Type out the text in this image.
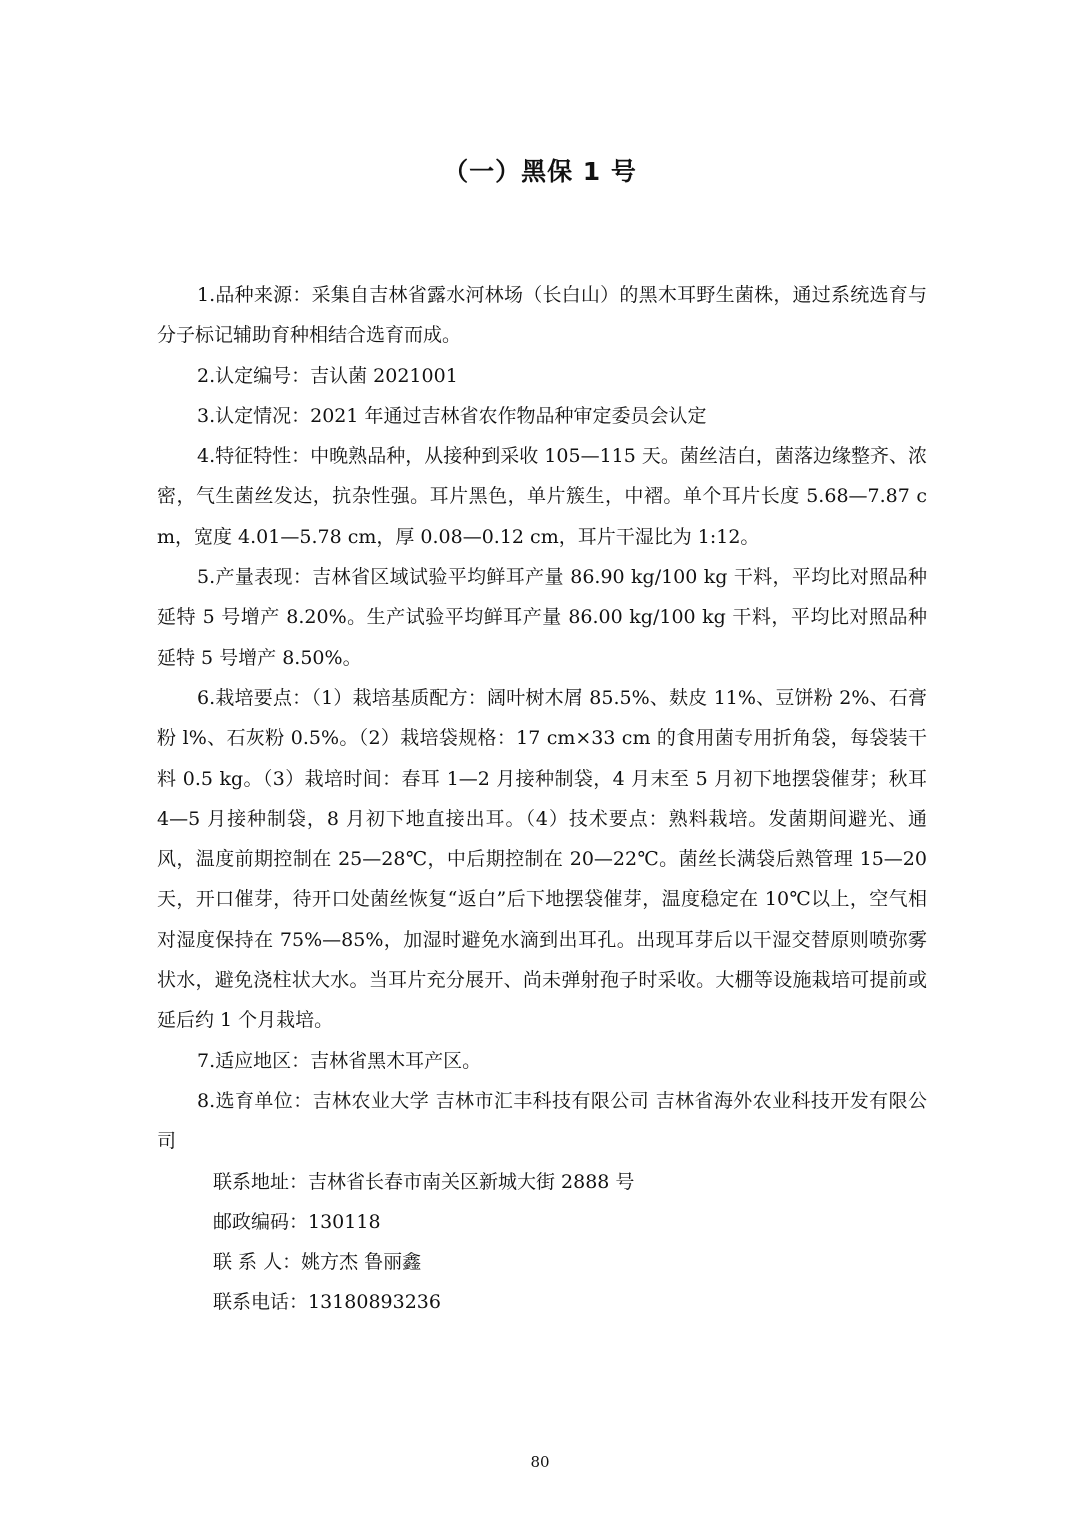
（一）黑保 1 号

1.品种来源：采集自吉林省露水河林场（长白山）的黑木耳野生菌株，通过系统选育与分子标记辅助育种相结合选育而成。

2.认定编号：吉认菌 2021001

3.认定情况：2021 年通过吉林省农作物品种审定委员会认定

4.特征特性：中晚熟品种，从接种到采收 105—115 天。菌丝洁白，菌落边缘整齐、浓密，气生菌丝发达，抗杂性强。耳片黑色，单片簇生，中褶。单个耳片长度 5.68—7.87 cm，宽度 4.01—5.78 cm，厚 0.08—0.12 cm，耳片干湿比为 1:12。

5.产量表现：吉林省区域试验平均鲜耳产量 86.90 kg/100 kg 干料，平均比对照品种延特 5 号增产 8.20%。生产试验平均鲜耳产量 86.00 kg/100 kg 干料，平均比对照品种延特 5 号增产 8.50%。

6.栽培要点：（1）栽培基质配方：阔叶树木屑 85.5%、麸皮 11%、豆饼粉 2%、石膏粉 l%、石灰粉 0.5%。（2）栽培袋规格：17 cm×33 cm 的食用菌专用折角袋，每袋装干料 0.5 kg。（3）栽培时间：春耳 1—2 月接种制袋，4 月末至 5 月初下地摆袋催芽；秋耳 4—5 月接种制袋，8 月初下地直接出耳。（4）技术要点：熟料栽培。发菌期间避光、通风，温度前期控制在 25—28℃，中后期控制在 20—22℃。菌丝长满袋后熟管理 15—20 天，开口催芽，待开口处菌丝恢复“返白”后下地摆袋催芽，温度稳定在 10℃以上，空气相对湿度保持在 75%—85%，加湿时避免水滴到出耳孔。出现耳芽后以干湿交替原则喷弥雾状水，避免浇柱状大水。当耳片充分展开、尚未弹射孢子时采收。大棚等设施栽培可提前或延后约 1 个月栽培。

7.适应地区：吉林省黑木耳产区。

8.选育单位：吉林农业大学 吉林市汇丰科技有限公司 吉林省海外农业科技开发有限公司

联系地址：吉林省长春市南关区新城大街 2888 号

邮政编码：130118

联 系 人：姚方杰 鲁丽鑫

联系电话：13180893236

80
